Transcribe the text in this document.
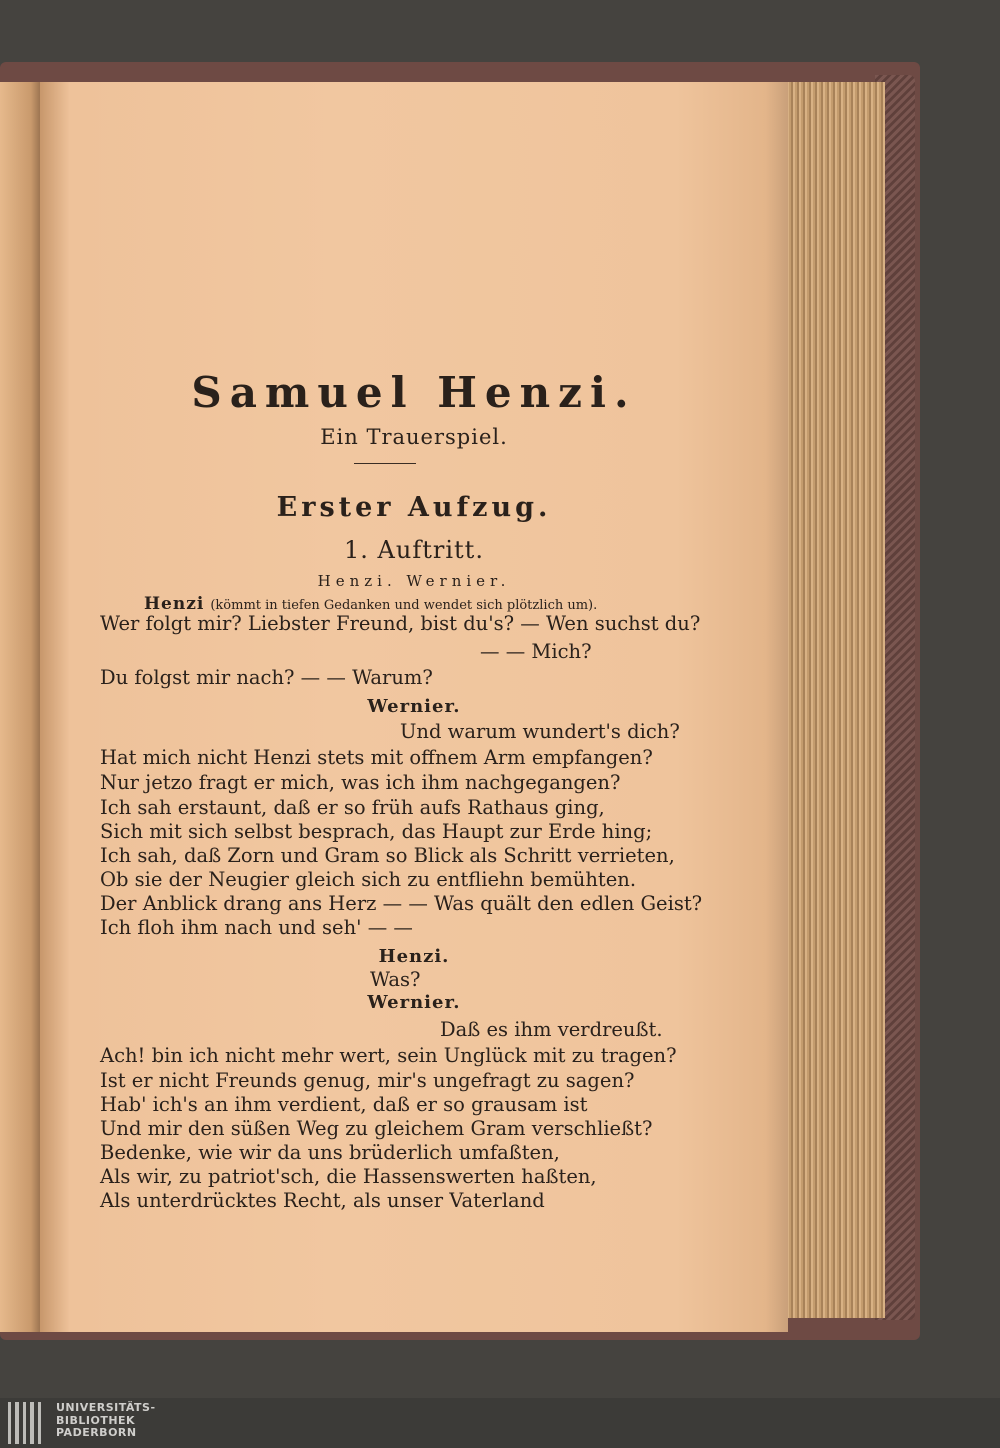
Samuel Henzi.
Ein Trauerspiel.
Erster Aufzug.
1. Auftritt.
Henzi. Wernier.
Henzi (kömmt in tiefen Gedanken und wendet sich plötzlich um).
Wer folgt mir? Liebster Freund, bist du's? — Wen suchst du?
— — Mich?
Du folgst mir nach? — — Warum?
Wernier.
Und warum wundert's dich?
Hat mich nicht Henzi stets mit offnem Arm empfangen?
Nur jetzo fragt er mich, was ich ihm nachgegangen?
Ich sah erstaunt, daß er so früh aufs Rathaus ging,
Sich mit sich selbst besprach, das Haupt zur Erde hing;
Ich sah, daß Zorn und Gram so Blick als Schritt verrieten,
Ob sie der Neugier gleich sich zu entfliehn bemühten.
Der Anblick drang ans Herz — — Was quält den edlen Geist?
Ich floh ihm nach und seh' — —
Henzi.
Was?
Wernier.
Daß es ihm verdreußt.
Ach! bin ich nicht mehr wert, sein Unglück mit zu tragen?
Ist er nicht Freunds genug, mir's ungefragt zu sagen?
Hab' ich's an ihm verdient, daß er so grausam ist
Und mir den süßen Weg zu gleichem Gram verschließt?
Bedenke, wie wir da uns brüderlich umfaßten,
Als wir, zu patriot'sch, die Hassenswerten haßten,
Als unterdrücktes Recht, als unser Vaterland
UNIVERSITÄTS-
BIBLIOTHEK
PADERBORN
